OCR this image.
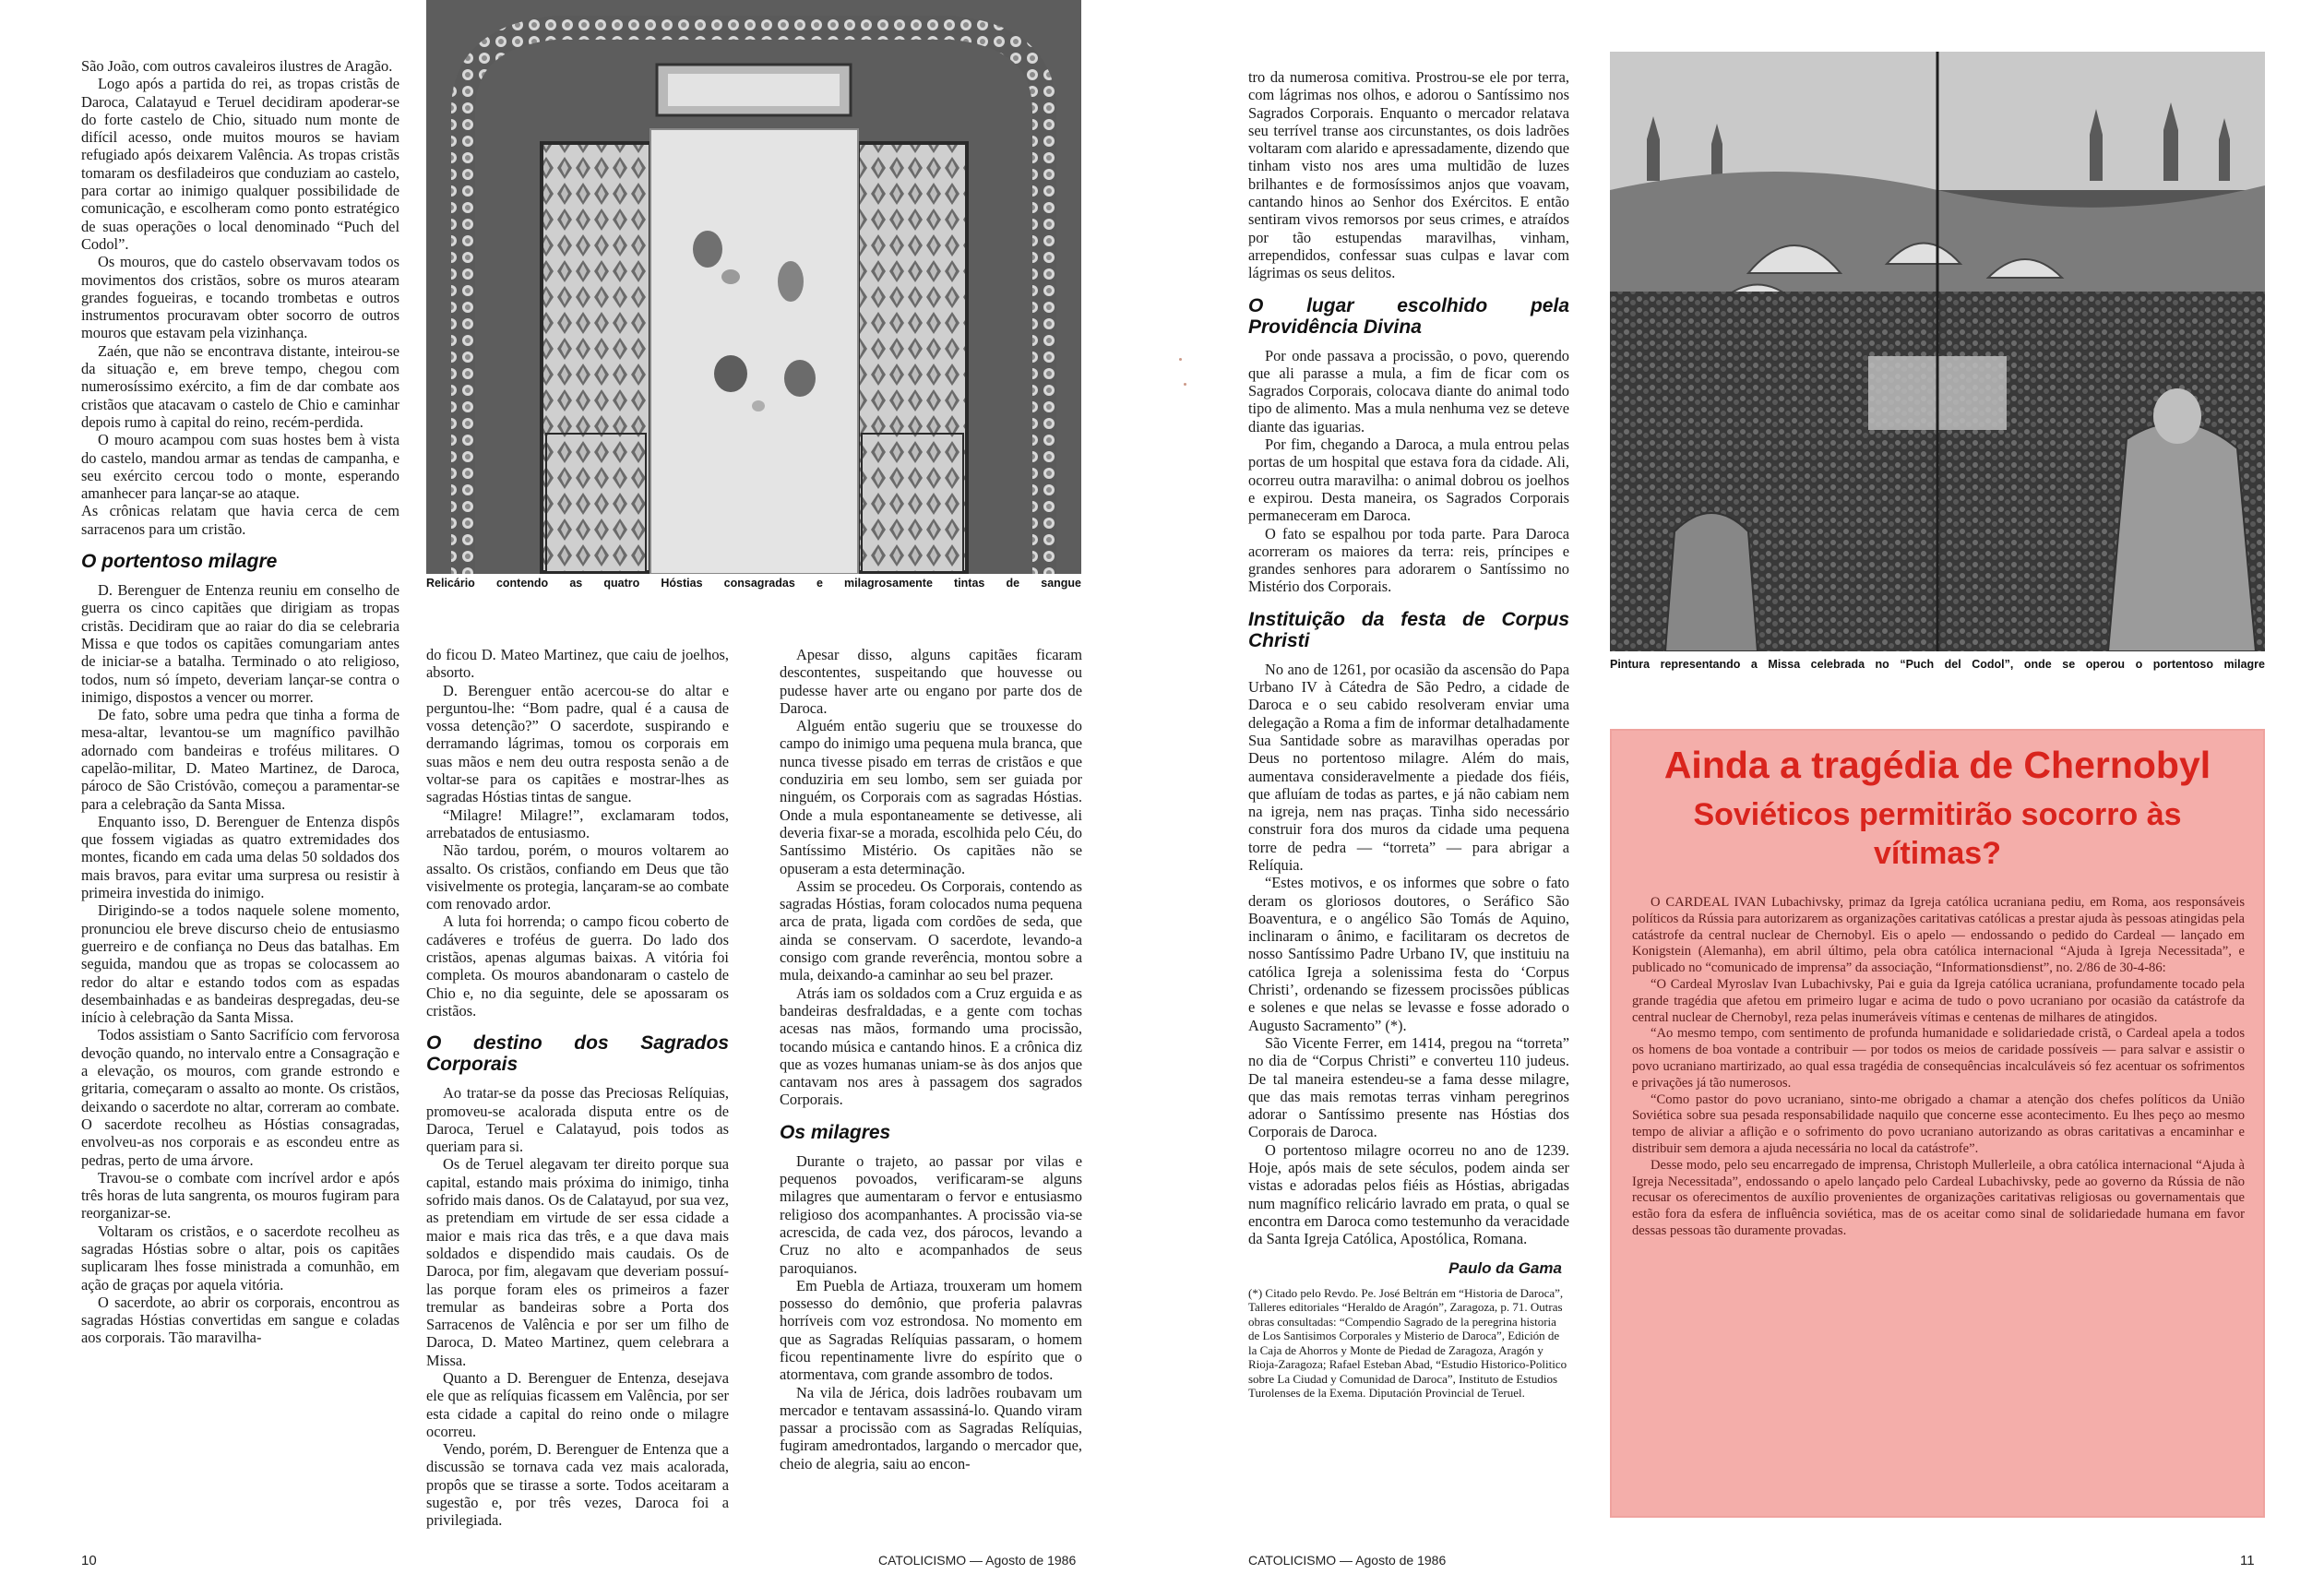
Relicário contendo as quatro Hóstias consagradas e milagrosamente tintas de sangue

São João, com outros cavaleiros ilustres de Aragão.

Logo após a partida do rei, as tropas cristãs de Daroca, Calatayud e Teruel decidiram apoderar-se do forte castelo de Chio, situado num monte de difícil acesso, onde muitos mouros se haviam refugiado após deixarem Valência. As tropas cristãs tomaram os desfiladeiros que conduziam ao castelo, para cortar ao inimigo qualquer possibilidade de comunicação, e escolheram como ponto estratégico de suas operações o local denominado “Puch del Codol”.

Os mouros, que do castelo observavam todos os movimentos dos cristãos, sobre os muros atearam grandes fogueiras, e tocando trombetas e outros instrumentos procuravam obter socorro de outros mouros que estavam pela vizinhança.

Zaén, que não se encontrava distante, inteirou-se da situação e, em breve tempo, chegou com numerosíssimo exército, a fim de dar combate aos cristãos que atacavam o castelo de Chio e caminhar depois rumo à capital do reino, recém-perdida.

O mouro acampou com suas hostes bem à vista do castelo, mandou armar as tendas de campanha, e seu exército cercou todo o monte, esperando amanhecer para lançar-se ao ataque.

As crônicas relatam que havia cerca de cem sarracenos para um cristão.

O portentoso milagre

D. Berenguer de Entenza reuniu em conselho de guerra os cinco capitães que dirigiam as tropas cristãs. Decidiram que ao raiar do dia se celebraria Missa e que todos os capitães comungariam antes de iniciar-se a batalha. Terminado o ato religioso, todos, num só ímpeto, deveriam lançar-se contra o inimigo, dispostos a vencer ou morrer.

De fato, sobre uma pedra que tinha a forma de mesa-altar, levantou-se um magnífico pavilhão adornado com bandeiras e troféus militares. O capelão-militar, D. Mateo Martinez, de Daroca, pároco de São Cristóvão, começou a paramentar-se para a celebração da Santa Missa.

Enquanto isso, D. Berenguer de Entenza dispôs que fossem vigiadas as quatro extremidades dos montes, ficando em cada uma delas 50 soldados dos mais bravos, para evitar uma surpresa ou resistir à primeira investida do inimigo.

Dirigindo-se a todos naquele solene momento, pronunciou ele breve discurso cheio de entusiasmo guerreiro e de confiança no Deus das batalhas. Em seguida, mandou que as tropas se colocassem ao redor do altar e estando todos com as espadas desembainhadas e as bandeiras despregadas, deu-se início à celebração da Santa Missa.

Todos assistiam o Santo Sacrifício com fervorosa devoção quando, no intervalo entre a Consagração e a elevação, os mouros, com grande estrondo e gritaria, começaram o assalto ao monte. Os cristãos, deixando o sacerdote no altar, correram ao combate. O sacerdote recolheu as Hóstias consagradas, envolveu-as nos corporais e as escondeu entre as pedras, perto de uma árvore.

Travou-se o combate com incrível ardor e após três horas de luta sangrenta, os mouros fugiram para reorganizar-se.

Voltaram os cristãos, e o sacerdote recolheu as sagradas Hóstias sobre o altar, pois os capitães suplicaram lhes fosse ministrada a comunhão, em ação de graças por aquela vitória.

O sacerdote, ao abrir os corporais, encontrou as sagradas Hóstias convertidas em sangue e coladas aos corporais. Tão maravilha-

do ficou D. Mateo Martinez, que caiu de joelhos, absorto.

D. Berenguer então acercou-se do altar e perguntou-lhe: “Bom padre, qual é a causa de vossa detenção?” O sacerdote, suspirando e derramando lágrimas, tomou os corporais em suas mãos e nem deu outra resposta senão a de voltar-se para os capitães e mostrar-lhes as sagradas Hóstias tintas de sangue.

“Milagre! Milagre!”, exclamaram todos, arrebatados de entusiasmo.

Não tardou, porém, o mouros voltarem ao assalto. Os cristãos, confiando em Deus que tão visivelmente os protegia, lançaram-se ao combate com renovado ardor.

A luta foi horrenda; o campo ficou coberto de cadáveres e troféus de guerra. Do lado dos cristãos, apenas algumas baixas. A vitória foi completa. Os mouros abandonaram o castelo de Chio e, no dia seguinte, dele se apossaram os cristãos.

O destino dos Sagrados Corporais

Ao tratar-se da posse das Preciosas Relíquias, promoveu-se acalorada disputa entre os de Daroca, Teruel e Calatayud, pois todos as queriam para si.

Os de Teruel alegavam ter direito porque sua capital, estando mais próxima do inimigo, tinha sofrido mais danos. Os de Calatayud, por sua vez, as pretendiam em virtude de ser essa cidade a maior e mais rica das três, e a que dava mais soldados e dispendido mais caudais. Os de Daroca, por fim, alegavam que deveriam possuí-las porque foram eles os primeiros a fazer tremular as bandeiras sobre a Porta dos Sarracenos de Valência e por ser um filho de Daroca, D. Mateo Martinez, quem celebrara a Missa.

Quanto a D. Berenguer de Entenza, desejava ele que as relíquias ficassem em Valência, por ser esta cidade a capital do reino onde o milagre ocorreu.

Vendo, porém, D. Berenguer de Entenza que a discussão se tornava cada vez mais acalorada, propôs que se tirasse a sorte. Todos aceitaram a sugestão e, por três vezes, Daroca foi a privilegiada.

Apesar disso, alguns capitães ficaram descontentes, suspeitando que houvesse ou pudesse haver arte ou engano por parte dos de Daroca.

Alguém então sugeriu que se trouxesse do campo do inimigo uma pequena mula branca, que nunca tivesse pisado em terras de cristãos e que conduziria em seu lombo, sem ser guiada por ninguém, os Corporais com as sagradas Hóstias. Onde a mula espontaneamente se detivesse, ali deveria fixar-se a morada, escolhida pelo Céu, do Santíssimo Mistério. Os capitães não se opuseram a esta determinação.

Assim se procedeu. Os Corporais, contendo as sagradas Hóstias, foram colocados numa pequena arca de prata, ligada com cordões de seda, que ainda se conservam. O sacerdote, levando-a consigo com grande reverência, montou sobre a mula, deixando-a caminhar ao seu bel prazer.

Atrás iam os soldados com a Cruz erguida e as bandeiras desfraldadas, e a gente com tochas acesas nas mãos, formando uma procissão, tocando música e cantando hinos. E a crônica diz que as vozes humanas uniam-se às dos anjos que cantavam nos ares à passagem dos sagrados Corporais.

Os milagres

Durante o trajeto, ao passar por vilas e pequenos povoados, verificaram-se alguns milagres que aumentaram o fervor e entusiasmo religioso dos acompanhantes. A procissão via-se acrescida, de cada vez, dos párocos, levando a Cruz no alto e acompanhados de seus paroquianos.

Em Puebla de Artiaza, trouxeram um homem possesso do demônio, que proferia palavras horríveis com voz estrondosa. No momento em que as Sagradas Relíquias passaram, o homem ficou repentinamente livre do espírito que o atormentava, com grande assombro de todos.

Na vila de Jérica, dois ladrões roubavam um mercador e tentavam assassiná-lo. Quando viram passar a procissão com as Sagradas Relíquias, fugiram amedrontados, largando o mercador que, cheio de alegria, saiu ao encon-

10	CATOLICISMO — Agosto de 1986

tro da numerosa comitiva. Prostrou-se ele por terra, com lágrimas nos olhos, e adorou o Santíssimo nos Sagrados Corporais. Enquanto o mercador relatava seu terrível transe aos circunstantes, os dois ladrões voltaram com alarido e apressadamente, dizendo que tinham visto nos ares uma multidão de luzes brilhantes e de formosíssimos anjos que voavam, cantando hinos ao Senhor dos Exércitos. E então sentiram vivos remorsos por seus crimes, e atraídos por tão estupendas maravilhas, vinham, arrependidos, confessar suas culpas e lavar com lágrimas os seus delitos.

O lugar escolhido pela Providência Divina

Por onde passava a procissão, o povo, querendo que ali parasse a mula, a fim de ficar com os Sagrados Corporais, colocava diante do animal todo tipo de alimento. Mas a mula nenhuma vez se deteve diante das iguarias.

Por fim, chegando a Daroca, a mula entrou pelas portas de um hospital que estava fora da cidade. Ali, ocorreu outra maravilha: o animal dobrou os joelhos e expirou. Desta maneira, os Sagrados Corporais permaneceram em Daroca.

O fato se espalhou por toda parte. Para Daroca acorreram os maiores da terra: reis, príncipes e grandes senhores para adorarem o Santíssimo no Mistério dos Corporais.

Instituição da festa de Corpus Christi

No ano de 1261, por ocasião da ascensão do Papa Urbano IV à Cátedra de São Pedro, a cidade de Daroca e o seu cabido resolveram enviar uma delegação a Roma a fim de informar detalhadamente Sua Santidade sobre as maravilhas operadas por Deus no portentoso milagre. Além do mais, aumentava consideravelmente a piedade dos fiéis, que afluíam de todas as partes, e já não cabiam nem na igreja, nem nas praças. Tinha sido necessário construir fora dos muros da cidade uma pequena torre de pedra — “torreta” — para abrigar a Relíquia.

“Estes motivos, e os informes que sobre o fato deram os gloriosos doutores, o Seráfico São Boaventura, e o angélico São Tomás de Aquino, inclinaram o ânimo, e facilitaram os decretos de nosso Santíssimo Padre Urbano IV, que instituiu na católica Igreja a solenissima festa do ‘Corpus Christi’, ordenando se fizessem procissões públicas e solenes e que nelas se levasse e fosse adorado o Augusto Sacramento” (*).

São Vicente Ferrer, em 1414, pregou na “torreta” no dia de “Corpus Christi” e converteu 110 judeus. De tal maneira estendeu-se a fama desse milagre, que das mais remotas terras vinham peregrinos adorar o Santíssimo presente nas Hóstias dos Corporais de Daroca.

O portentoso milagre ocorreu no ano de 1239. Hoje, após mais de sete séculos, podem ainda ser vistas e adoradas pelos fiéis as Hóstias, abrigadas num magnífico relicário lavrado em prata, o qual se encontra em Daroca como testemunho da veracidade da Santa Igreja Católica, Apostólica, Romana.

Paulo da Gama

(*) Citado pelo Revdo. Pe. José Beltrán em “Historia de Daroca”, Talleres editoriales “Heraldo de Aragón”, Zaragoza, p. 71. Outras obras consultadas: “Compendio Sagrado de la peregrina historia de Los Santisimos Corporales y Misterio de Daroca”, Edición de la Caja de Ahorros y Monte de Piedad de Zaragoza, Aragón y Rioja-Zaragoza; Rafael Esteban Abad, “Estudio Historico-Politico sobre La Ciudad y Comunidad de Daroca”, Instituto de Estudios Turolenses de la Exema. Diputación Provincial de Teruel.

Pintura representando a Missa celebrada no “Puch del Codol”, onde se operou o portentoso milagre
Ainda a tragédia de Chernobyl
Soviéticos permitirão socorro às vítimas?

O CARDEAL IVAN Lubachivsky, primaz da Igreja católica ucraniana pediu, em Roma, aos responsáveis políticos da Rússia para autorizarem as organizações caritativas católicas a prestar ajuda às pessoas atingidas pela catástrofe da central nuclear de Chernobyl. Eis o apelo — endossando o pedido do Cardeal — lançado em Konigstein (Alemanha), em abril último, pela obra católica internacional “Ajuda à Igreja Necessitada”, e publicado no “comunicado de imprensa” da associação, “Informationsdienst”, no. 2/86 de 30-4-86:

“O Cardeal Myroslav Ivan Lubachivsky, Pai e guia da Igreja católica ucraniana, profundamente tocado pela grande tragédia que afetou em primeiro lugar e acima de tudo o povo ucraniano por ocasião da catástrofe da central nuclear de Chernobyl, reza pelas inumeráveis vítimas e centenas de milhares de atingidos.

“Ao mesmo tempo, com sentimento de profunda humanidade e solidariedade cristã, o Cardeal apela a todos os homens de boa vontade a contribuir — por todos os meios de caridade possíveis — para salvar e assistir o povo ucraniano martirizado, ao qual essa tragédia de consequências incalculáveis só fez acentuar os sofrimentos e privações já tão numerosos.

“Como pastor do povo ucraniano, sinto-me obrigado a chamar a atenção dos chefes políticos da União Soviética sobre sua pesada responsabilidade naquilo que concerne esse acontecimento. Eu lhes peço ao mesmo tempo de aliviar a aflição e o sofrimento do povo ucraniano autorizando as obras caritativas a encaminhar e distribuir sem demora a ajuda necessária no local da catástrofe”.

Desse modo, pelo seu encarregado de imprensa, Christoph Mullerleile, a obra católica internacional “Ajuda à Igreja Necessitada”, endossando o apelo lançado pelo Cardeal Lubachivsky, pede ao governo da Rússia de não recusar os oferecimentos de auxílio provenientes de organizações caritativas religiosas ou governamentais que estão fora da esfera de influência soviética, mas de os aceitar como sinal de solidariedade humana em favor dessas pessoas tão duramente provadas.

CATOLICISMO — Agosto de 1986	11
